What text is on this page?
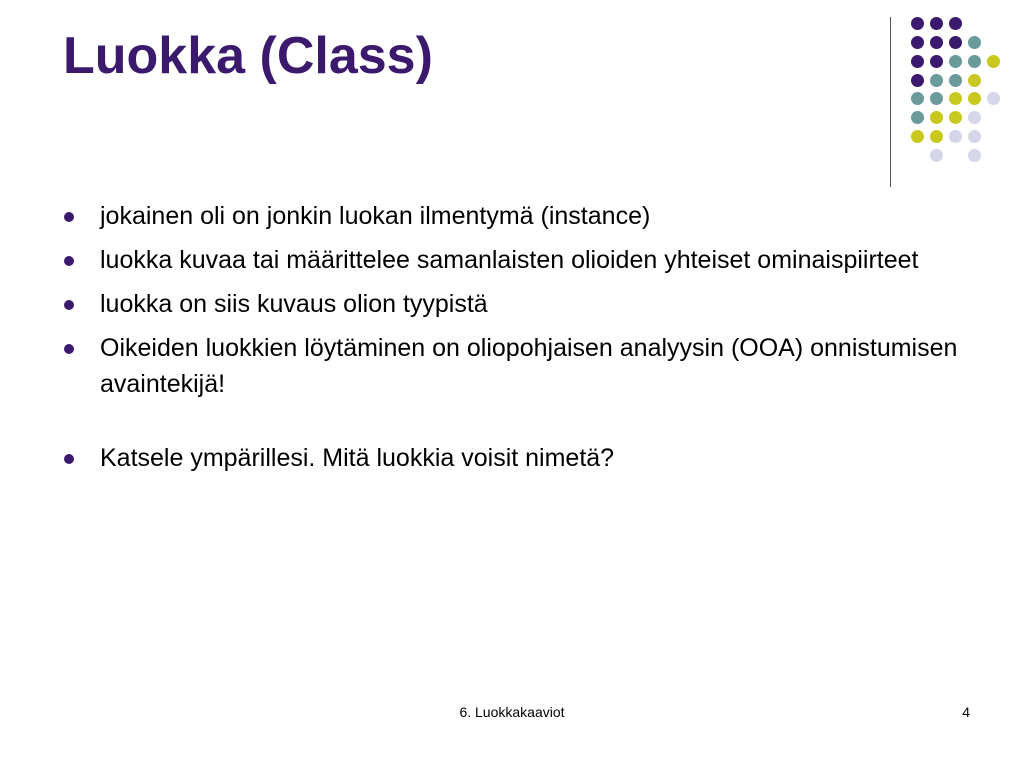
Luokka (Class)
jokainen oli on jonkin luokan ilmentymä (instance)
luokka kuvaa tai määrittelee samanlaisten olioiden yhteiset ominaispiirteet
luokka on siis kuvaus olion tyypistä
Oikeiden luokkien löytäminen on oliopohjaisen analyysin (OOA) onnistumisen avaintekijä!
Katsele ympärillesi. Mitä luokkia voisit nimetä?
6. Luokkakaaviot	4
